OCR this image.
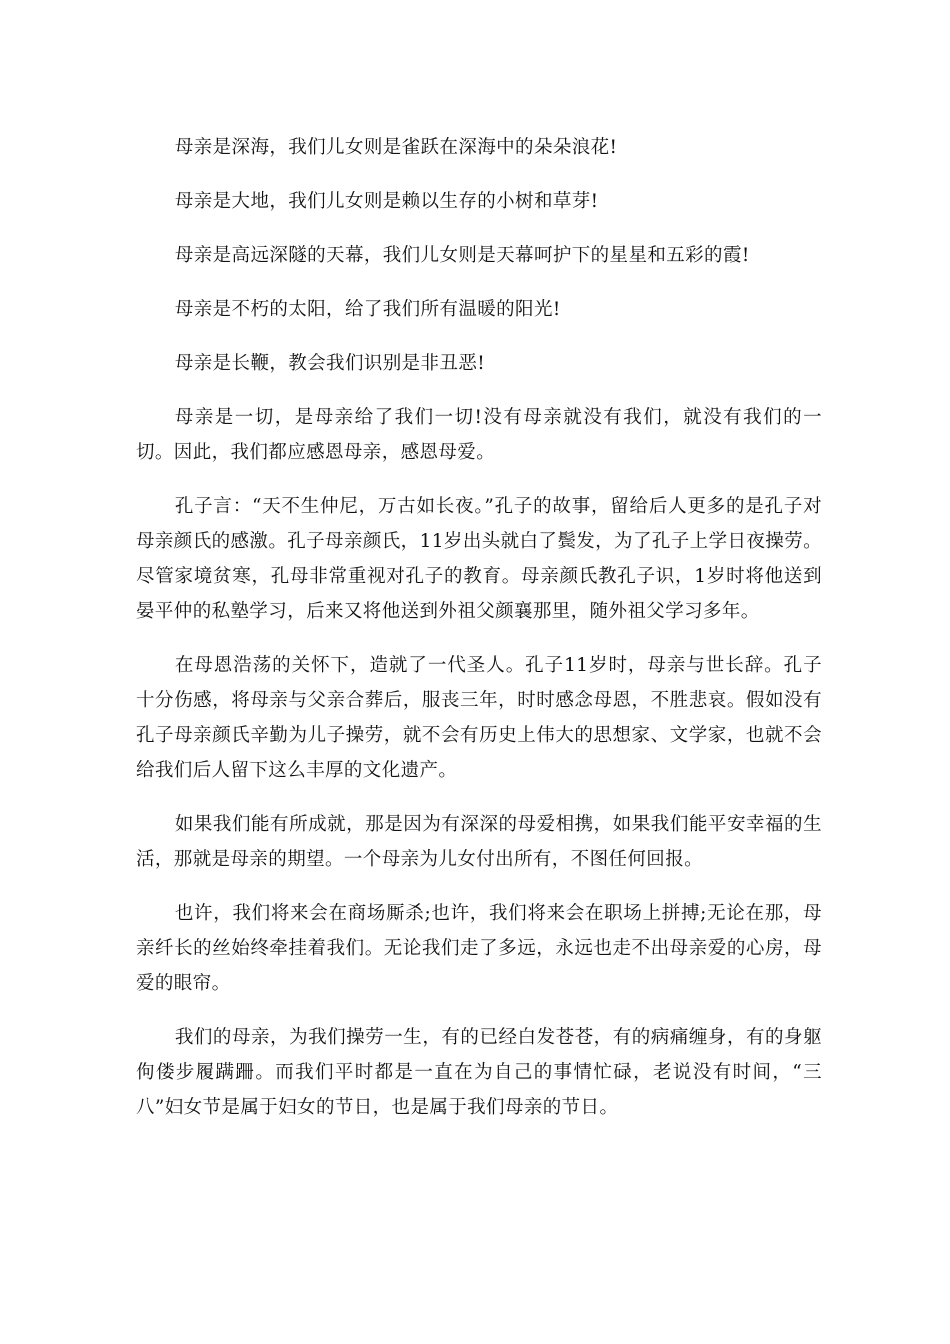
母亲是深海，我们儿女则是雀跃在深海中的朵朵浪花!

母亲是大地，我们儿女则是赖以生存的小树和草芽!

母亲是高远深隧的天幕，我们儿女则是天幕呵护下的星星和五彩的霞!

母亲是不朽的太阳，给了我们所有温暖的阳光!

母亲是长鞭，教会我们识别是非丑恶!

母亲是一切，是母亲给了我们一切!没有母亲就没有我们，就没有我们的一切。因此，我们都应感恩母亲，感恩母爱。

孔子言：“天不生仲尼，万古如长夜。”孔子的故事，留给后人更多的是孔子对母亲颜氏的感激。孔子母亲颜氏，11岁出头就白了鬓发，为了孔子上学日夜操劳。尽管家境贫寒，孔母非常重视对孔子的教育。母亲颜氏教孔子识，1岁时将他送到晏平仲的私塾学习，后来又将他送到外祖父颜襄那里，随外祖父学习多年。

在母恩浩荡的关怀下，造就了一代圣人。孔子11岁时，母亲与世长辞。孔子十分伤感，将母亲与父亲合葬后，服丧三年，时时感念母恩，不胜悲哀。假如没有孔子母亲颜氏辛勤为儿子操劳，就不会有历史上伟大的思想家、文学家，也就不会给我们后人留下这么丰厚的文化遗产。

如果我们能有所成就，那是因为有深深的母爱相携，如果我们能平安幸福的生活，那就是母亲的期望。一个母亲为儿女付出所有，不图任何回报。

也许，我们将来会在商场厮杀;也许，我们将来会在职场上拼搏;无论在那，母亲纤长的丝始终牵挂着我们。无论我们走了多远，永远也走不出母亲爱的心房，母爱的眼帘。

我们的母亲，为我们操劳一生，有的已经白发苍苍，有的病痛缠身，有的身躯佝偻步履蹒跚。而我们平时都是一直在为自己的事情忙碌，老说没有时间，“三八”妇女节是属于妇女的节日，也是属于我们母亲的节日。
